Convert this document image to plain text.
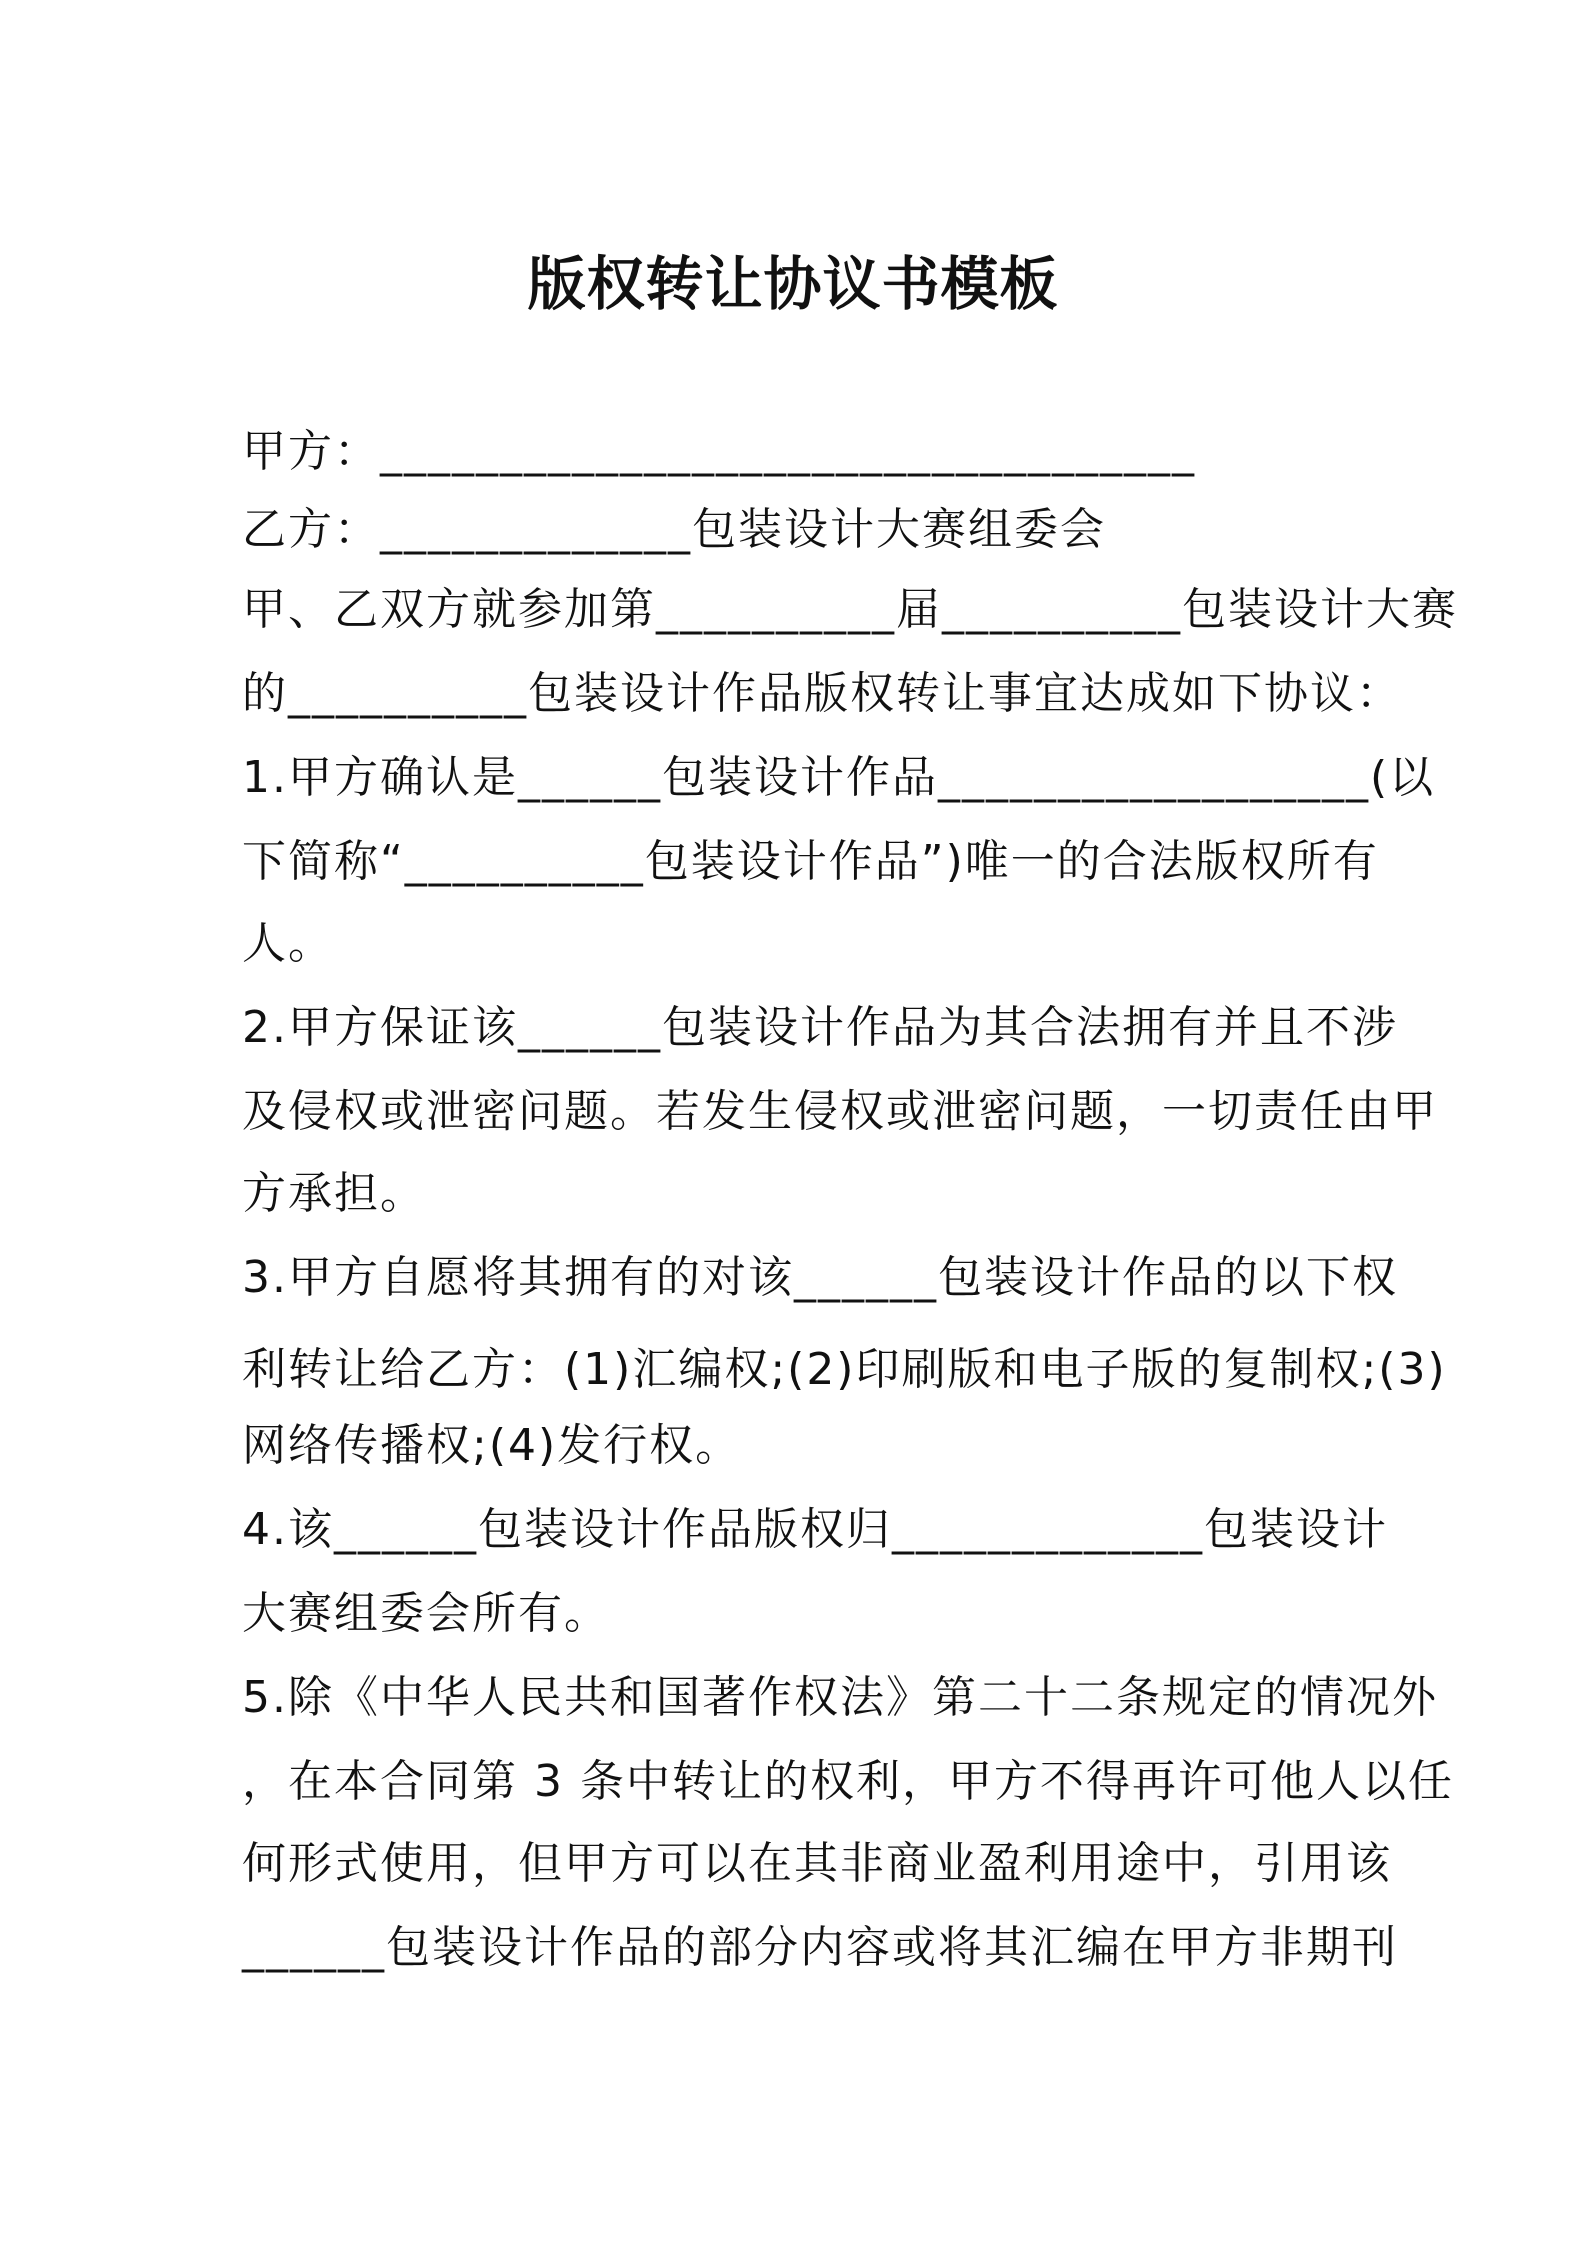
版权转让协议书模板
甲方：__________________________________
乙方：_____________包装设计大赛组委会
甲、乙双方就参加第__________届__________包装设计大赛
的__________包装设计作品版权转让事宜达成如下协议：
1.甲方确认是______包装设计作品__________________(以
下简称“__________包装设计作品”)唯一的合法版权所有
人。
2.甲方保证该______包装设计作品为其合法拥有并且不涉
及侵权或泄密问题。若发生侵权或泄密问题，一切责任由甲
方承担。
3.甲方自愿将其拥有的对该______包装设计作品的以下权
利转让给乙方：(1)汇编权;(2)印刷版和电子版的复制权;(3)
网络传播权;(4)发行权。
4.该______包装设计作品版权归_____________包装设计
大赛组委会所有。
5.除《中华人民共和国著作权法》第二十二条规定的情况外
，在本合同第 3 条中转让的权利，甲方不得再许可他人以任
何形式使用，但甲方可以在其非商业盈利用途中，引用该
______包装设计作品的部分内容或将其汇编在甲方非期刊
